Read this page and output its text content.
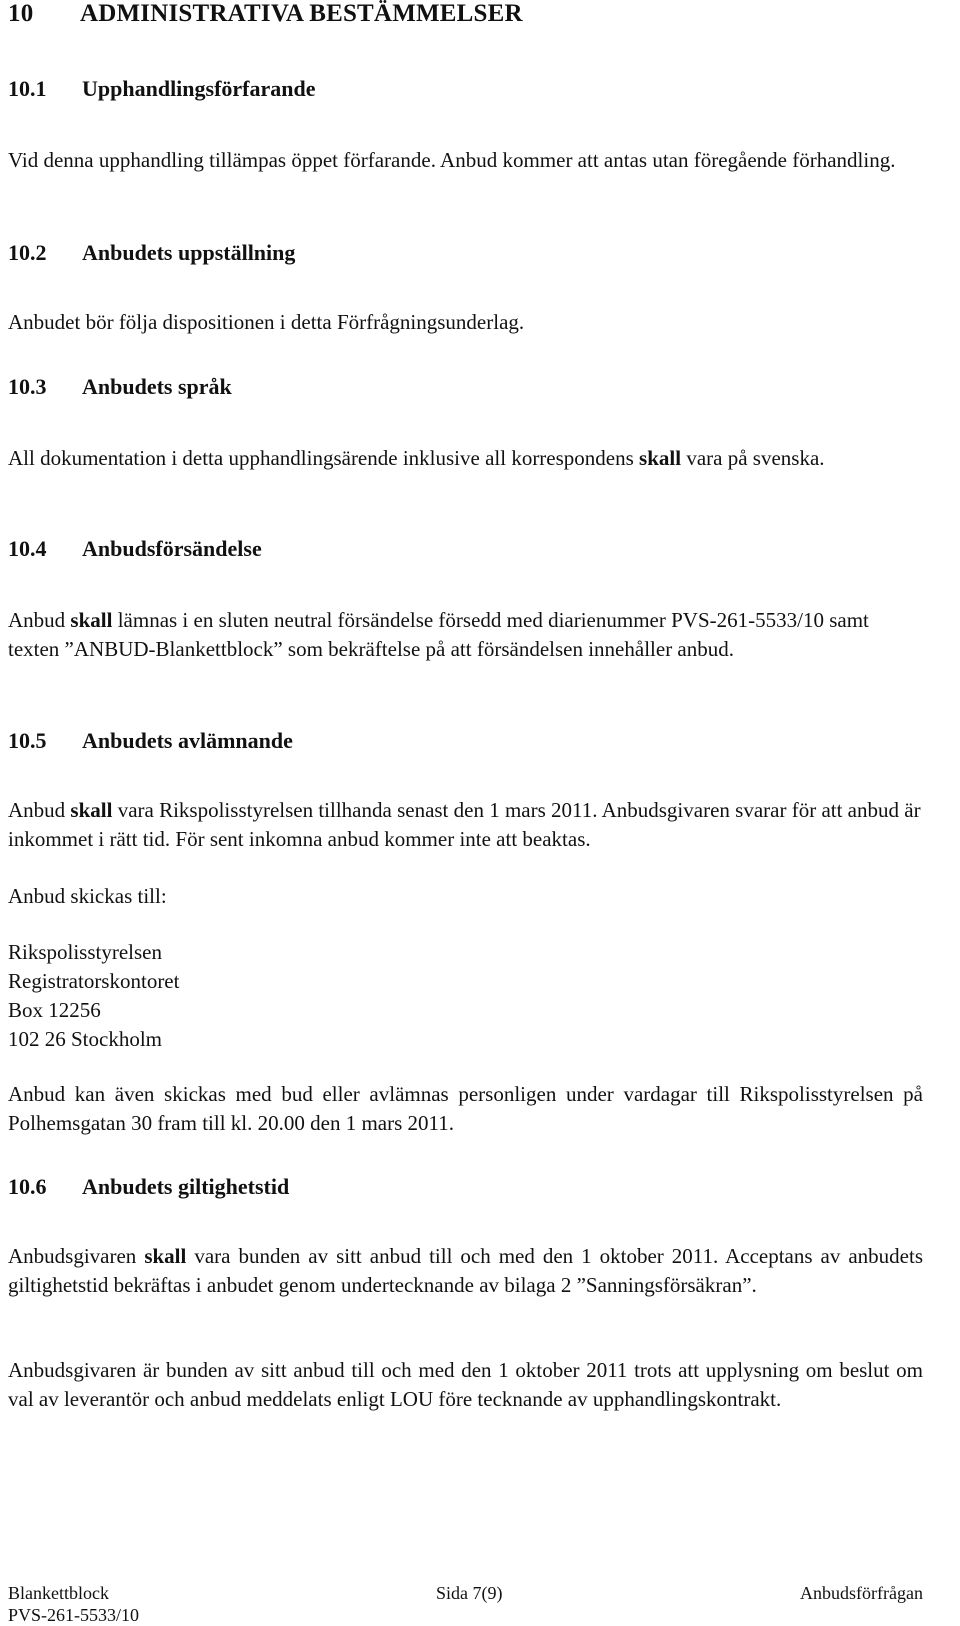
10 ADMINISTRATIVA BESTÄMMELSER
10.1 Upphandlingsförfarande
Vid denna upphandling tillämpas öppet förfarande. Anbud kommer att antas utan föregående förhandling.
10.2 Anbudets uppställning
Anbudet bör följa dispositionen i detta Förfrågningsunderlag.
10.3 Anbudets språk
All dokumentation i detta upphandlingsärende inklusive all korrespondens skall vara på svenska.
10.4 Anbudsförsändelse
Anbud skall lämnas i en sluten neutral försändelse försedd med diarienummer PVS-261-5533/10 samt texten ”ANBUD-Blankettblock” som bekräftelse på att försändelsen innehåller anbud.
10.5 Anbudets avlämnande
Anbud skall vara Rikspolisstyrelsen tillhanda senast den 1 mars 2011. Anbudsgivaren svarar för att anbud är inkommet i rätt tid. För sent inkomna anbud kommer inte att beaktas.
Anbud skickas till:
Rikspolisstyrelsen
Registratorskontoret
Box 12256
102 26 Stockholm
Anbud kan även skickas med bud eller avlämnas personligen under vardagar till Rikspolisstyrelsen på Polhemsgatan 30 fram till kl. 20.00 den 1 mars 2011.
10.6 Anbudets giltighetstid
Anbudsgivaren skall vara bunden av sitt anbud till och med den 1 oktober 2011. Acceptans av anbudets giltighetstid bekräftas i anbudet genom undertecknande av bilaga 2 ”Sanningsförsäkran”.
Anbudsgivaren är bunden av sitt anbud till och med den 1 oktober 2011 trots att upplysning om beslut om val av leverantör och anbud meddelats enligt LOU före tecknande av upphandlingskontrakt.
Blankettblock	Sida 7(9)	Anbudsförfrågan
PVS-261-5533/10
